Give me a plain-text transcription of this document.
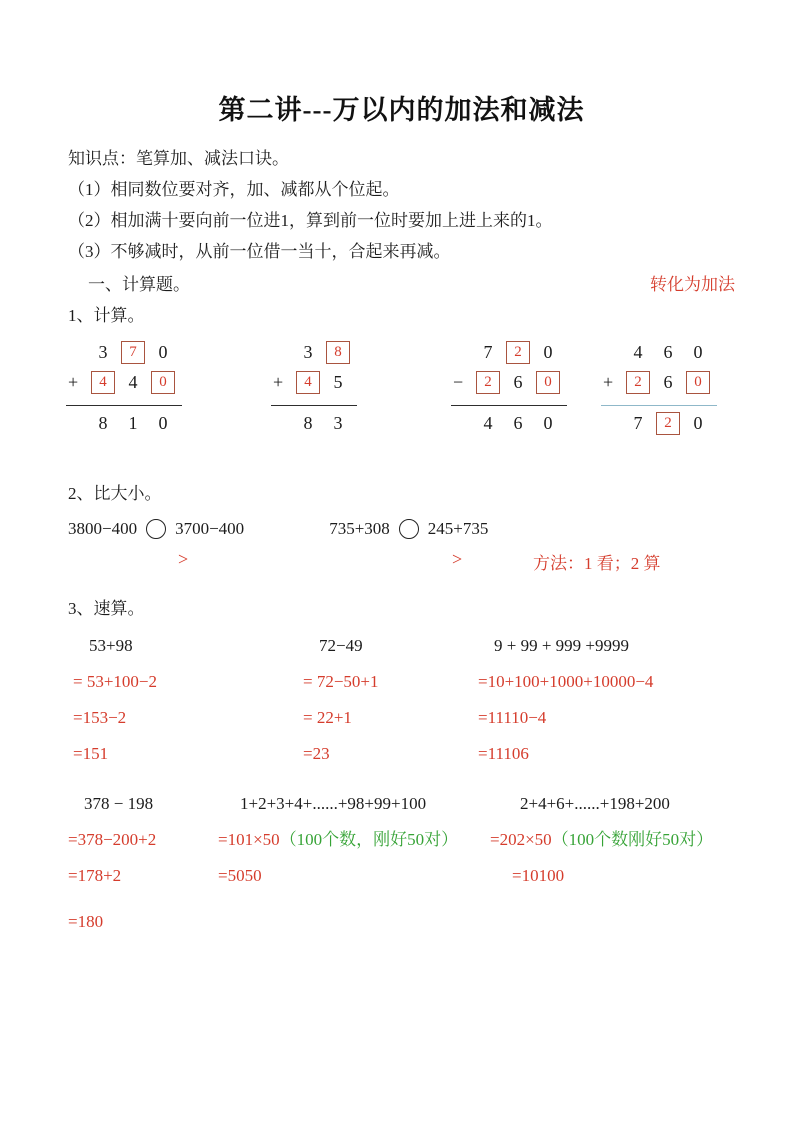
第二讲---万以内的加法和减法

知识点：笔算加、减法口诀。

（1）相同数位要对齐，加、减都从个位起。

（2）相加满十要向前一位进1，算到前一位时要加上进上来的1。

（3）不够减时，从前一位借一当十，合起来再减。

一、计算题。	转化为加法

1、计算。

3	7	0
+	4	4	0
8	1	0
3	8
+	4	5
8	3
7	2	0
−	2	6	0
4	6	0
4	6	0
+	2	6	0
7	2	0

2、比大小。

3800−400 3700−400	735+308 245+735
>	>	方法：1 看；2 算

3、速算。

53+98
= 53+100−2
=153−2
=151
72−49
= 72−50+1
= 22+1
=23
9 + 99 + 999 +9999
=10+100+1000+10000−4
=11110−4
=11106
378 − 198
=378−200+2
=178+2
=180
1+2+3+4+......+98+99+100
=101×50（100个数，刚好50对）
=5050
2+4+6+......+198+200
=202×50（100个数刚好50对）
=10100
